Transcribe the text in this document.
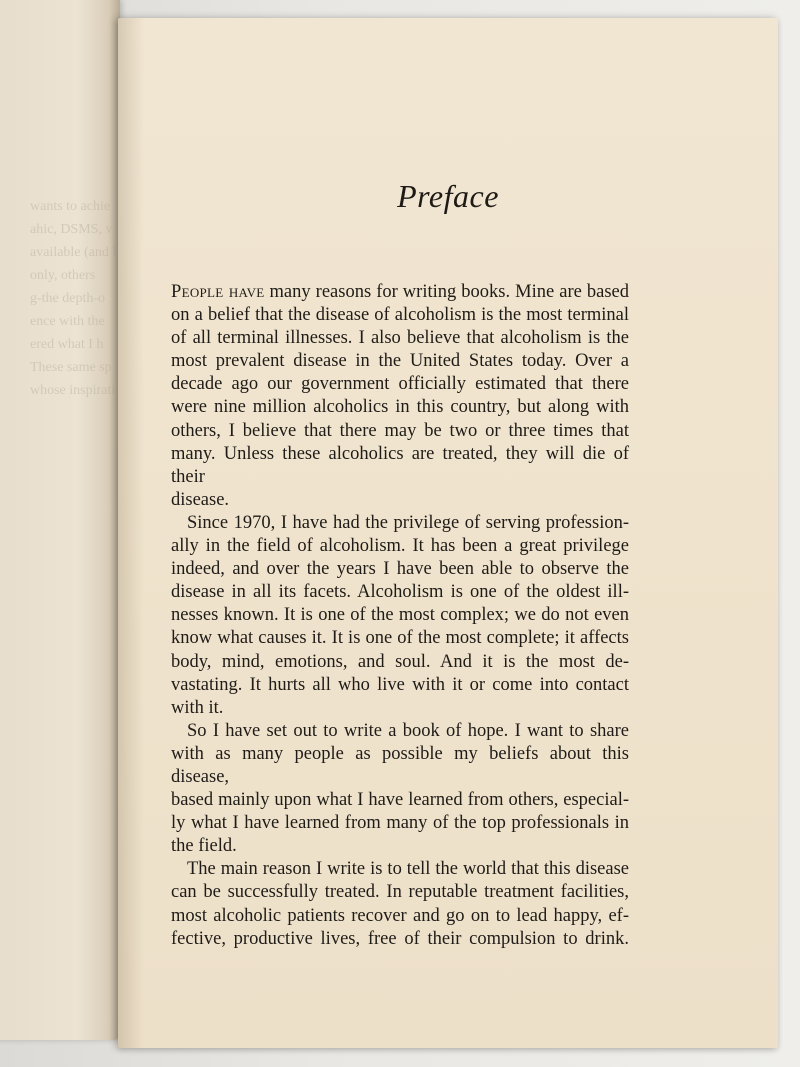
wants to achie
ahic, DSMS, v
available (and l
only, others
g-the depth-o
ence with the
ered what I h
These same sp
whose inspirati
Preface

People have many reasons for writing books. Mine are based
on a belief that the disease of alcoholism is the most terminal
of all terminal illnesses. I also believe that alcoholism is the
most prevalent disease in the United States today. Over a
decade ago our government officially estimated that there
were nine million alcoholics in this country, but along with
others, I believe that there may be two or three times that
many. Unless these alcoholics are treated, they will die of their
disease.

Since 1970, I have had the privilege of serving profession-
ally in the field of alcoholism. It has been a great privilege
indeed, and over the years I have been able to observe the
disease in all its facets. Alcoholism is one of the oldest ill-
nesses known. It is one of the most complex; we do not even
know what causes it. It is one of the most complete; it affects
body, mind, emotions, and soul. And it is the most de-
vastating. It hurts all who live with it or come into contact
with it.

So I have set out to write a book of hope. I want to share
with as many people as possible my beliefs about this disease,
based mainly upon what I have learned from others, especial-
ly what I have learned from many of the top professionals in
the field.

The main reason I write is to tell the world that this disease
can be successfully treated. In reputable treatment facilities,
most alcoholic patients recover and go on to lead happy, ef-
fective, productive lives, free of their compulsion to drink.
